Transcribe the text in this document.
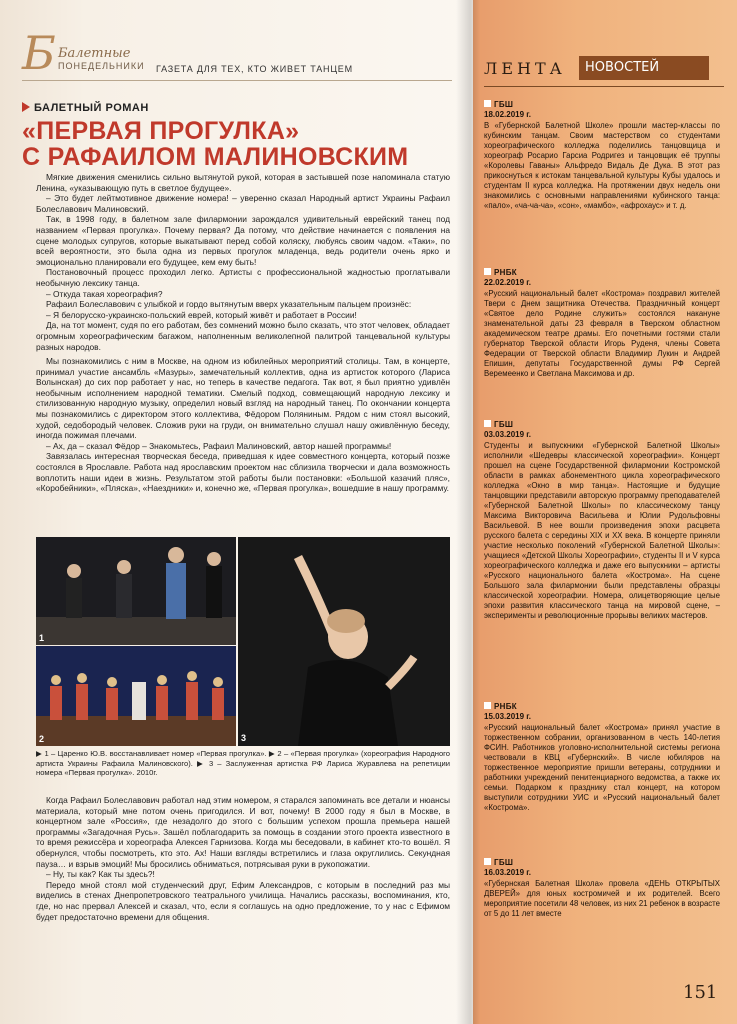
Б Балетные
ПОНЕДЕЛЬНИКИ ГАЗЕТА ДЛЯ ТЕХ, КТО ЖИВЕТ ТАНЦЕМ	ЛЕНТА	НОВОСТЕЙ
БАЛЕТНЫЙ РОМАН
«ПЕРВАЯ ПРОГУЛКА»
С РАФАИЛОМ МАЛИНОВСКИМ

Мягкие движения сменились сильно вытянутой рукой, которая в застывшей позе напоминала статую Ленина, «указывающую путь в светлое будущее».

– Это будет лейтмотивное движение номера! – уверенно сказал Народный артист Украины Рафаил Болеславович Малиновский.

Так, в 1998 году, в балетном зале филармонии зарождался удивительный еврейский танец под названием «Первая прогулка». Почему первая? Да потому, что действие начинается с появления на сцене молодых супругов, которые выкатывают перед собой коляску, любуясь своим чадом. «Таки», по всей вероятности, это была одна из первых прогулок младенца, ведь родители очень ярко и эмоционально планировали его будущее, кем ему быть!

Постановочный процесс проходил легко. Артисты с профессиональной жадностью проглатывали необычную лексику танца.

– Откуда такая хореография?

Рафаил Болеславович с улыбкой и гордо вытянутым вверх указательным пальцем произнёс:

– Я белорусско-украинско-польский еврей, который живёт и работает в России!

Да, на тот момент, судя по его работам, без сомнений можно было сказать, что этот человек, обладает огромным хореографическим багажом, наполненным великолепной палитрой танцевальной культуры разных народов.

Мы познакомились с ним в Москве, на одном из юбилейных мероприятий столицы. Там, в концерте, принимал участие ансамбль «Мазуры», замечательный коллектив, одна из артисток которого (Лариса Волынская) до сих пор работает у нас, но теперь в качестве педагога. Так вот, я был приятно удивлён необычным исполнением народной тематики. Смелый подход, совмещающий народную лексику и стилизованную народную музыку, определил новый взгляд на народный танец. По окончании концерта мы познакомились с директором этого коллектива, Фёдором Поляниным. Рядом с ним стоял высокий, худой, седобородый человек. Сложив руки на груди, он внимательно слушал нашу оживлённую беседу, иногда пожимая плечами.

– Ах, да – сказал Фёдор – Знакомьтесь, Рафаил Малиновский, автор нашей программы!

Завязалась интересная творческая беседа, приведшая к идее совместного концерта, который позже состоялся в Ярославле. Работа над ярославским проектом нас сблизила творчески и дала возможность воплотить наши идеи в жизнь. Результатом этой работы были постановки: «Большой казачий пляс», «Коробейники», «Пляска», «Наездники» и, конечно же, «Первая прогулка», вошедшие в нашу программу.

1
2	3
▶ 1 – Царенко Ю.В. восстанавливает номер «Первая прогулка». ▶ 2 – «Первая прогулка» (хореография Народного артиста Украины Рафаила Малиновского). ▶ 3 – Заслуженная артистка РФ Лариса Журавлева на репетиции номера «Первая прогулка». 2010г.

Когда Рафаил Болеславович работал над этим номером, я старался запоминать все детали и нюансы материала, который мне потом очень пригодился. И вот, почему! В 2000 году я был в Москве, в концертном зале «Россия», где незадолго до этого с большим успехом прошла премьера нашей программы «Загадочная Русь». Зашёл поблагодарить за помощь в создании этого проекта известного в то время режиссёра и хореографа Алексея Гарнизова. Когда мы беседовали, в кабинет кто-то вошёл. Я обернулся, чтобы посмотреть, кто это. Ах! Наши взгляды встретились и глаза округлились. Секундная пауза… и взрыв эмоций! Мы бросились обниматься, потрясывая руки в рукопожатии.

– Ну, ты как? Как ты здесь?!

Передо мной стоял мой студенческий друг, Ефим Александров, с которым в последний раз мы виделись в стенах Днепропетровского театрального училища. Начались рассказы, воспоминания, кто, где, но нас прервал Алексей и сказал, что, если я соглашусь на одно предложение, то у нас с Ефимом будет предостаточно времени для общения.

ГБШ
18.02.2019 г.
В «Губернской Балетной Школе» прошли мастер-классы по кубинским танцам. Своим мастерством со студентами хореографического колледжа поделились танцовщица и хореограф Росарио Гарсиа Родригез и танцовщик её труппы «Королевы Гаваны» Альфредо Видаль Де Дука. В этот раз прикоснуться к истокам танцевальной культуры Кубы удалось и студентам II курса колледжа. На протяжении двух недель они знакомились с основными направлениями кубинского танца: «пало», «ча-ча-ча», «сон», «мамбо», «афрохаус» и т. д.
РНБК
22.02.2019 г.
«Русский национальный балет «Кострома» поздравил жителей Твери с Днем защитника Отечества. Праздничный концерт «Святое дело Родине служить» состоялся накануне знаменательной даты 23 февраля в Тверском областном академическом театре драмы. Его почетными гостями стали губернатор Тверской области Игорь Руденя, члены Совета Федерации от Тверской области Владимир Лукин и Андрей Епишин, депутаты Государственной думы РФ Сергей Веремеенко и Светлана Максимова и др.
ГБШ
03.03.2019 г.
Студенты и выпускники «Губернской Балетной Школы» исполнили «Шедевры классической хореографии». Концерт прошел на сцене Государственной филармонии Костромской области в рамках абонементного цикла хореографического колледжа «Окно в мир танца». Настоящие и будущие танцовщики представили авторскую программу преподавателей «Губернской Балетной Школы» по классическому танцу Максима Викторовича Васильева и Юлии Рудольфовны Васильевой. В нее вошли произведения эпохи расцвета русского балета с середины XIX и XX века. В концерте приняли участие несколько поколений «Губернской Балетной Школы»: учащиеся «Детской Школы Хореографии», студенты II и V курса хореографического колледжа и даже его выпускники – артисты «Русского национального балета «Кострома». На сцене Большого зала филармонии были представлены образцы классической хореографии. Номера, олицетворяющие целые эпохи развития классического танца на мировой сцене, – эксперименты и революционные прорывы великих мастеров.
РНБК
15.03.2019 г.
«Русский национальный балет «Кострома» принял участие в торжественном собрании, организованном в честь 140-летия ФСИН. Работников уголовно-исполнительной системы региона чествовали в КВЦ «Губернский». В числе юбиляров на торжественное мероприятие пришли ветераны, сотрудники и работники учреждений пенитенциарного ведомства, а также их семьи. Подарком к празднику стал концерт, на котором выступили сотрудники УИС и «Русский национальный балет «Кострома».
ГБШ
16.03.2019 г.
«Губернская Балетная Школа» провела «ДЕНЬ ОТКРЫТЫХ ДВЕРЕЙ» для юных костромичей и их родителей. Всего мероприятие посетили 48 человек, из них 21 ребенок в возрасте от 5 до 11 лет вместе
151
